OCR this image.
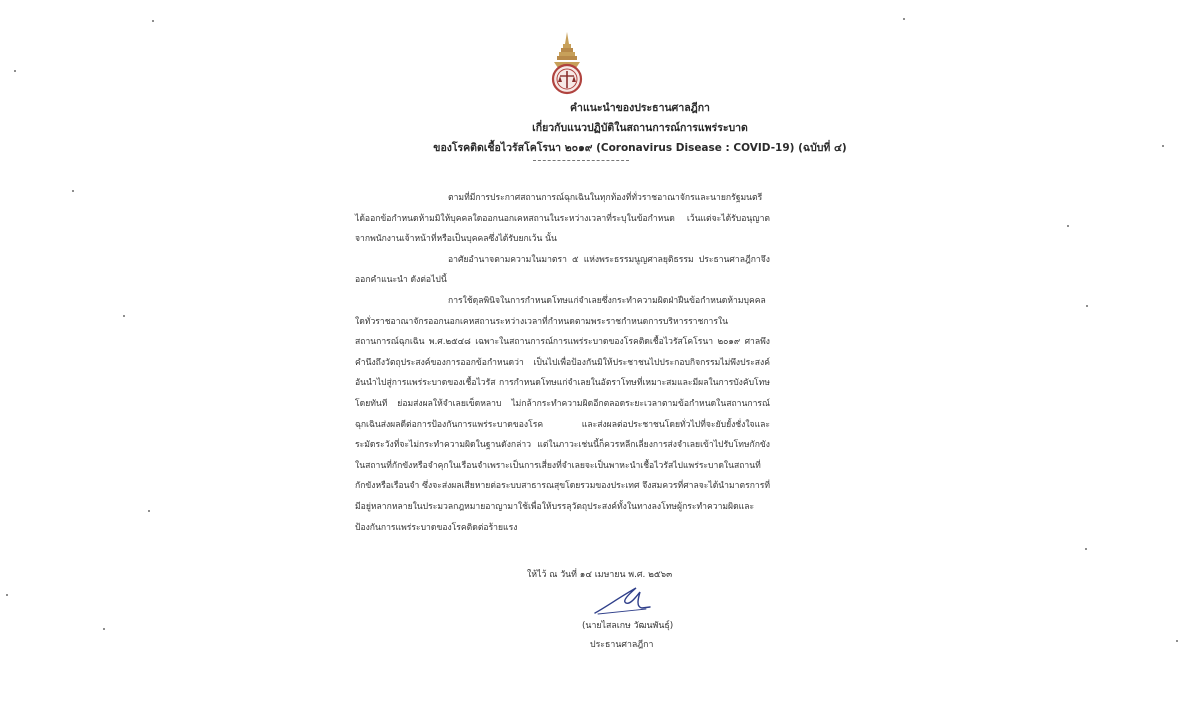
คำแนะนำของประธานศาลฎีกา
เกี่ยวกับแนวปฏิบัติในสถานการณ์การแพร่ระบาด
ของโรคติดเชื้อไวรัสโคโรนา ๒๐๑๙ (Coronavirus Disease : COVID-19) (ฉบับที่ ๔)

ตามที่มีการประกาศสถานการณ์ฉุกเฉินในทุกท้องที่ทั่วราชอาณาจักรและนายกรัฐมนตรีได้ออกข้อกำหนดห้ามมิให้บุคคลใดออกนอกเคหสถานในระหว่างเวลาที่ระบุในข้อกำหนด เว้นแต่จะได้รับอนุญาตจากพนักงานเจ้าหน้าที่หรือเป็นบุคคลซึ่งได้รับยกเว้น นั้น

อาศัยอำนาจตามความในมาตรา ๕ แห่งพระธรรมนูญศาลยุติธรรม ประธานศาลฎีกาจึงออกคำแนะนำ ดังต่อไปนี้

การใช้ดุลพินิจในการกำหนดโทษแก่จำเลยซึ่งกระทำความผิดฝ่าฝืนข้อกำหนดห้ามบุคคลใดทั่วราชอาณาจักรออกนอกเคหสถานระหว่างเวลาที่กำหนดตามพระราชกำหนดการบริหารราชการในสถานการณ์ฉุกเฉิน พ.ศ.๒๕๔๘ เฉพาะในสถานการณ์การแพร่ระบาดของโรคติดเชื้อไวรัสโคโรนา ๒๐๑๙ ศาลพึงคำนึงถึงวัตถุประสงค์ของการออกข้อกำหนดว่า เป็นไปเพื่อป้องกันมิให้ประชาชนไปประกอบกิจกรรมไม่พึงประสงค์อันนำไปสู่การแพร่ระบาดของเชื้อไวรัส การกำหนดโทษแก่จำเลยในอัตราโทษที่เหมาะสมและมีผลในการบังคับโทษโดยทันที ย่อมส่งผลให้จำเลยเข็ดหลาบ ไม่กล้ากระทำความผิดอีกตลอดระยะเวลาตามข้อกำหนดในสถานการณ์ฉุกเฉินส่งผลดีต่อการป้องกันการแพร่ระบาดของโรค และส่งผลต่อประชาชนโดยทั่วไปที่จะยับยั้งชั่งใจและระมัดระวังที่จะไม่กระทำความผิดในฐานดังกล่าว แต่ในภาวะเช่นนี้ก็ควรหลีกเลี่ยงการส่งจำเลยเข้าไปรับโทษกักขังในสถานที่กักขังหรือจำคุกในเรือนจำเพราะเป็นการเสี่ยงที่จำเลยจะเป็นพาหะนำเชื้อไวรัสไปแพร่ระบาดในสถานที่กักขังหรือเรือนจำ ซึ่งจะส่งผลเสียหายต่อระบบสาธารณสุขโดยรวมของประเทศ จึงสมควรที่ศาลจะได้นำมาตรการที่มีอยู่หลากหลายในประมวลกฎหมายอาญามาใช้เพื่อให้บรรลุวัตถุประสงค์ทั้งในทางลงโทษผู้กระทำความผิดและป้องกันการแพร่ระบาดของโรคติดต่อร้ายแรง

ให้ไว้ ณ วันที่ ๑๔ เมษายน พ.ศ. ๒๕๖๓
(นายไสลเกษ วัฒนพันธุ์)
ประธานศาลฎีกา
